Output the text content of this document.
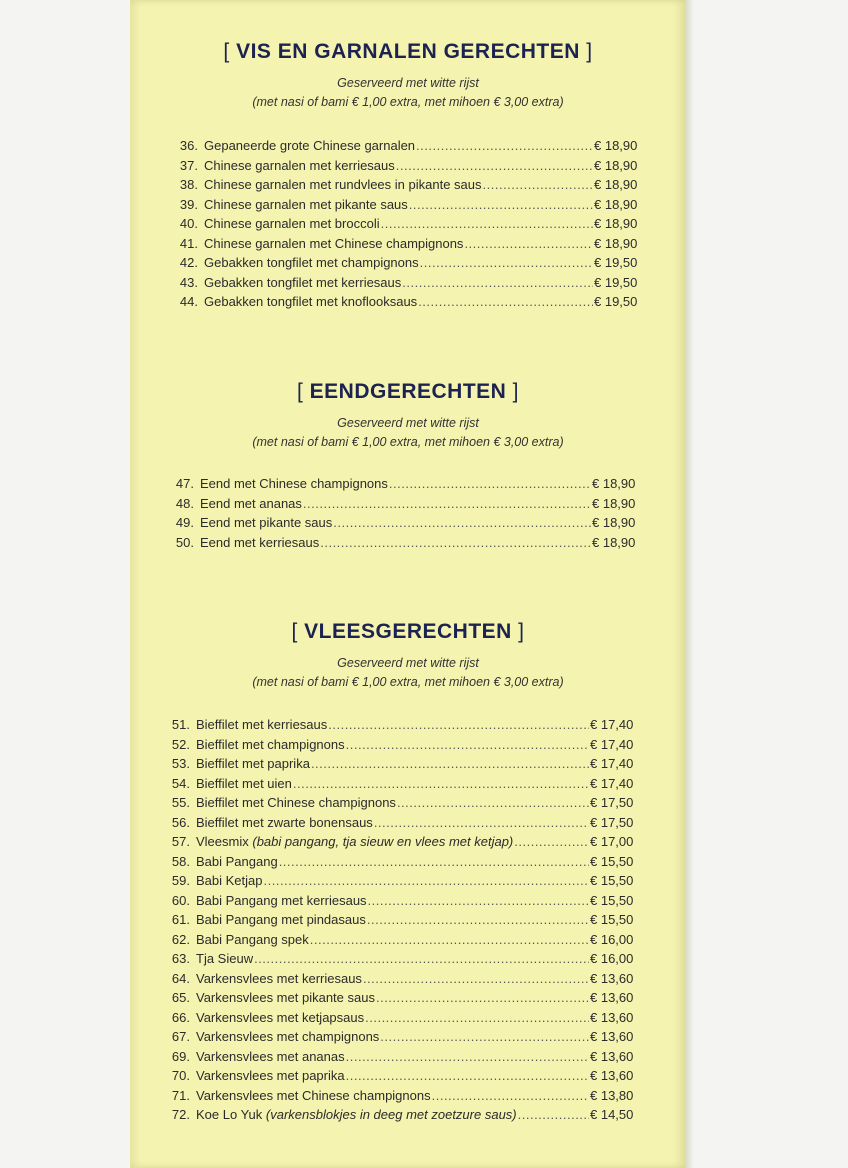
[ VIS EN GARNALEN GERECHTEN ]

Geserveerd met witte rijst

(met nasi of bami € 1,00 extra, met mihoen € 3,00 extra)

36. Gepaneerde grote Chinese garnalen .....	€ 18,90
37. Chinese garnalen met kerriesaus .....	€ 18,90
38. Chinese garnalen met rundvlees in pikante saus .....	€ 18,90
39. Chinese garnalen met pikante saus .....	€ 18,90
40. Chinese garnalen met broccoli .....	€ 18,90
41. Chinese garnalen met Chinese champignons .....	€ 18,90
42. Gebakken tongfilet met champignons .....	€ 19,50
43. Gebakken tongfilet met kerriesaus .....	€ 19,50
44. Gebakken tongfilet met knoflooksaus .....	€ 19,50
[ EENDGERECHTEN ]

Geserveerd met witte rijst

(met nasi of bami € 1,00 extra, met mihoen € 3,00 extra)

47. Eend met Chinese champignons .....	€ 18,90
48. Eend met ananas .....	€ 18,90
49. Eend met pikante saus .....	€ 18,90
50. Eend met kerriesaus .....	€ 18,90
[ VLEESGERECHTEN ]

Geserveerd met witte rijst

(met nasi of bami € 1,00 extra, met mihoen € 3,00 extra)

51. Bieffilet met kerriesaus .....	€ 17,40
52. Bieffilet met champignons .....	€ 17,40
53. Bieffilet met paprika .....	€ 17,40
54. Bieffilet met uien .....	€ 17,40
55. Bieffilet met Chinese champignons .....	€ 17,50
56. Bieffilet met zwarte bonensaus .....	€ 17,50
57. Vleesmix (babi pangang, tja sieuw en vlees met ketjap) .....	€ 17,00
58. Babi Pangang .....	€ 15,50
59. Babi Ketjap .....	€ 15,50
60. Babi Pangang met kerriesaus .....	€ 15,50
61. Babi Pangang met pindasaus .....	€ 15,50
62. Babi Pangang spek .....	€ 16,00
63. Tja Sieuw .....	€ 16,00
64. Varkensvlees met kerriesaus .....	€ 13,60
65. Varkensvlees met pikante saus .....	€ 13,60
66. Varkensvlees met ketjapsaus .....	€ 13,60
67. Varkensvlees met champignons .....	€ 13,60
69. Varkensvlees met ananas .....	€ 13,60
70. Varkensvlees met paprika .....	€ 13,60
71. Varkensvlees met Chinese champignons .....	€ 13,80
72. Koe Lo Yuk (varkensblokjes in deeg met zoetzure saus) .....	€ 14,50
